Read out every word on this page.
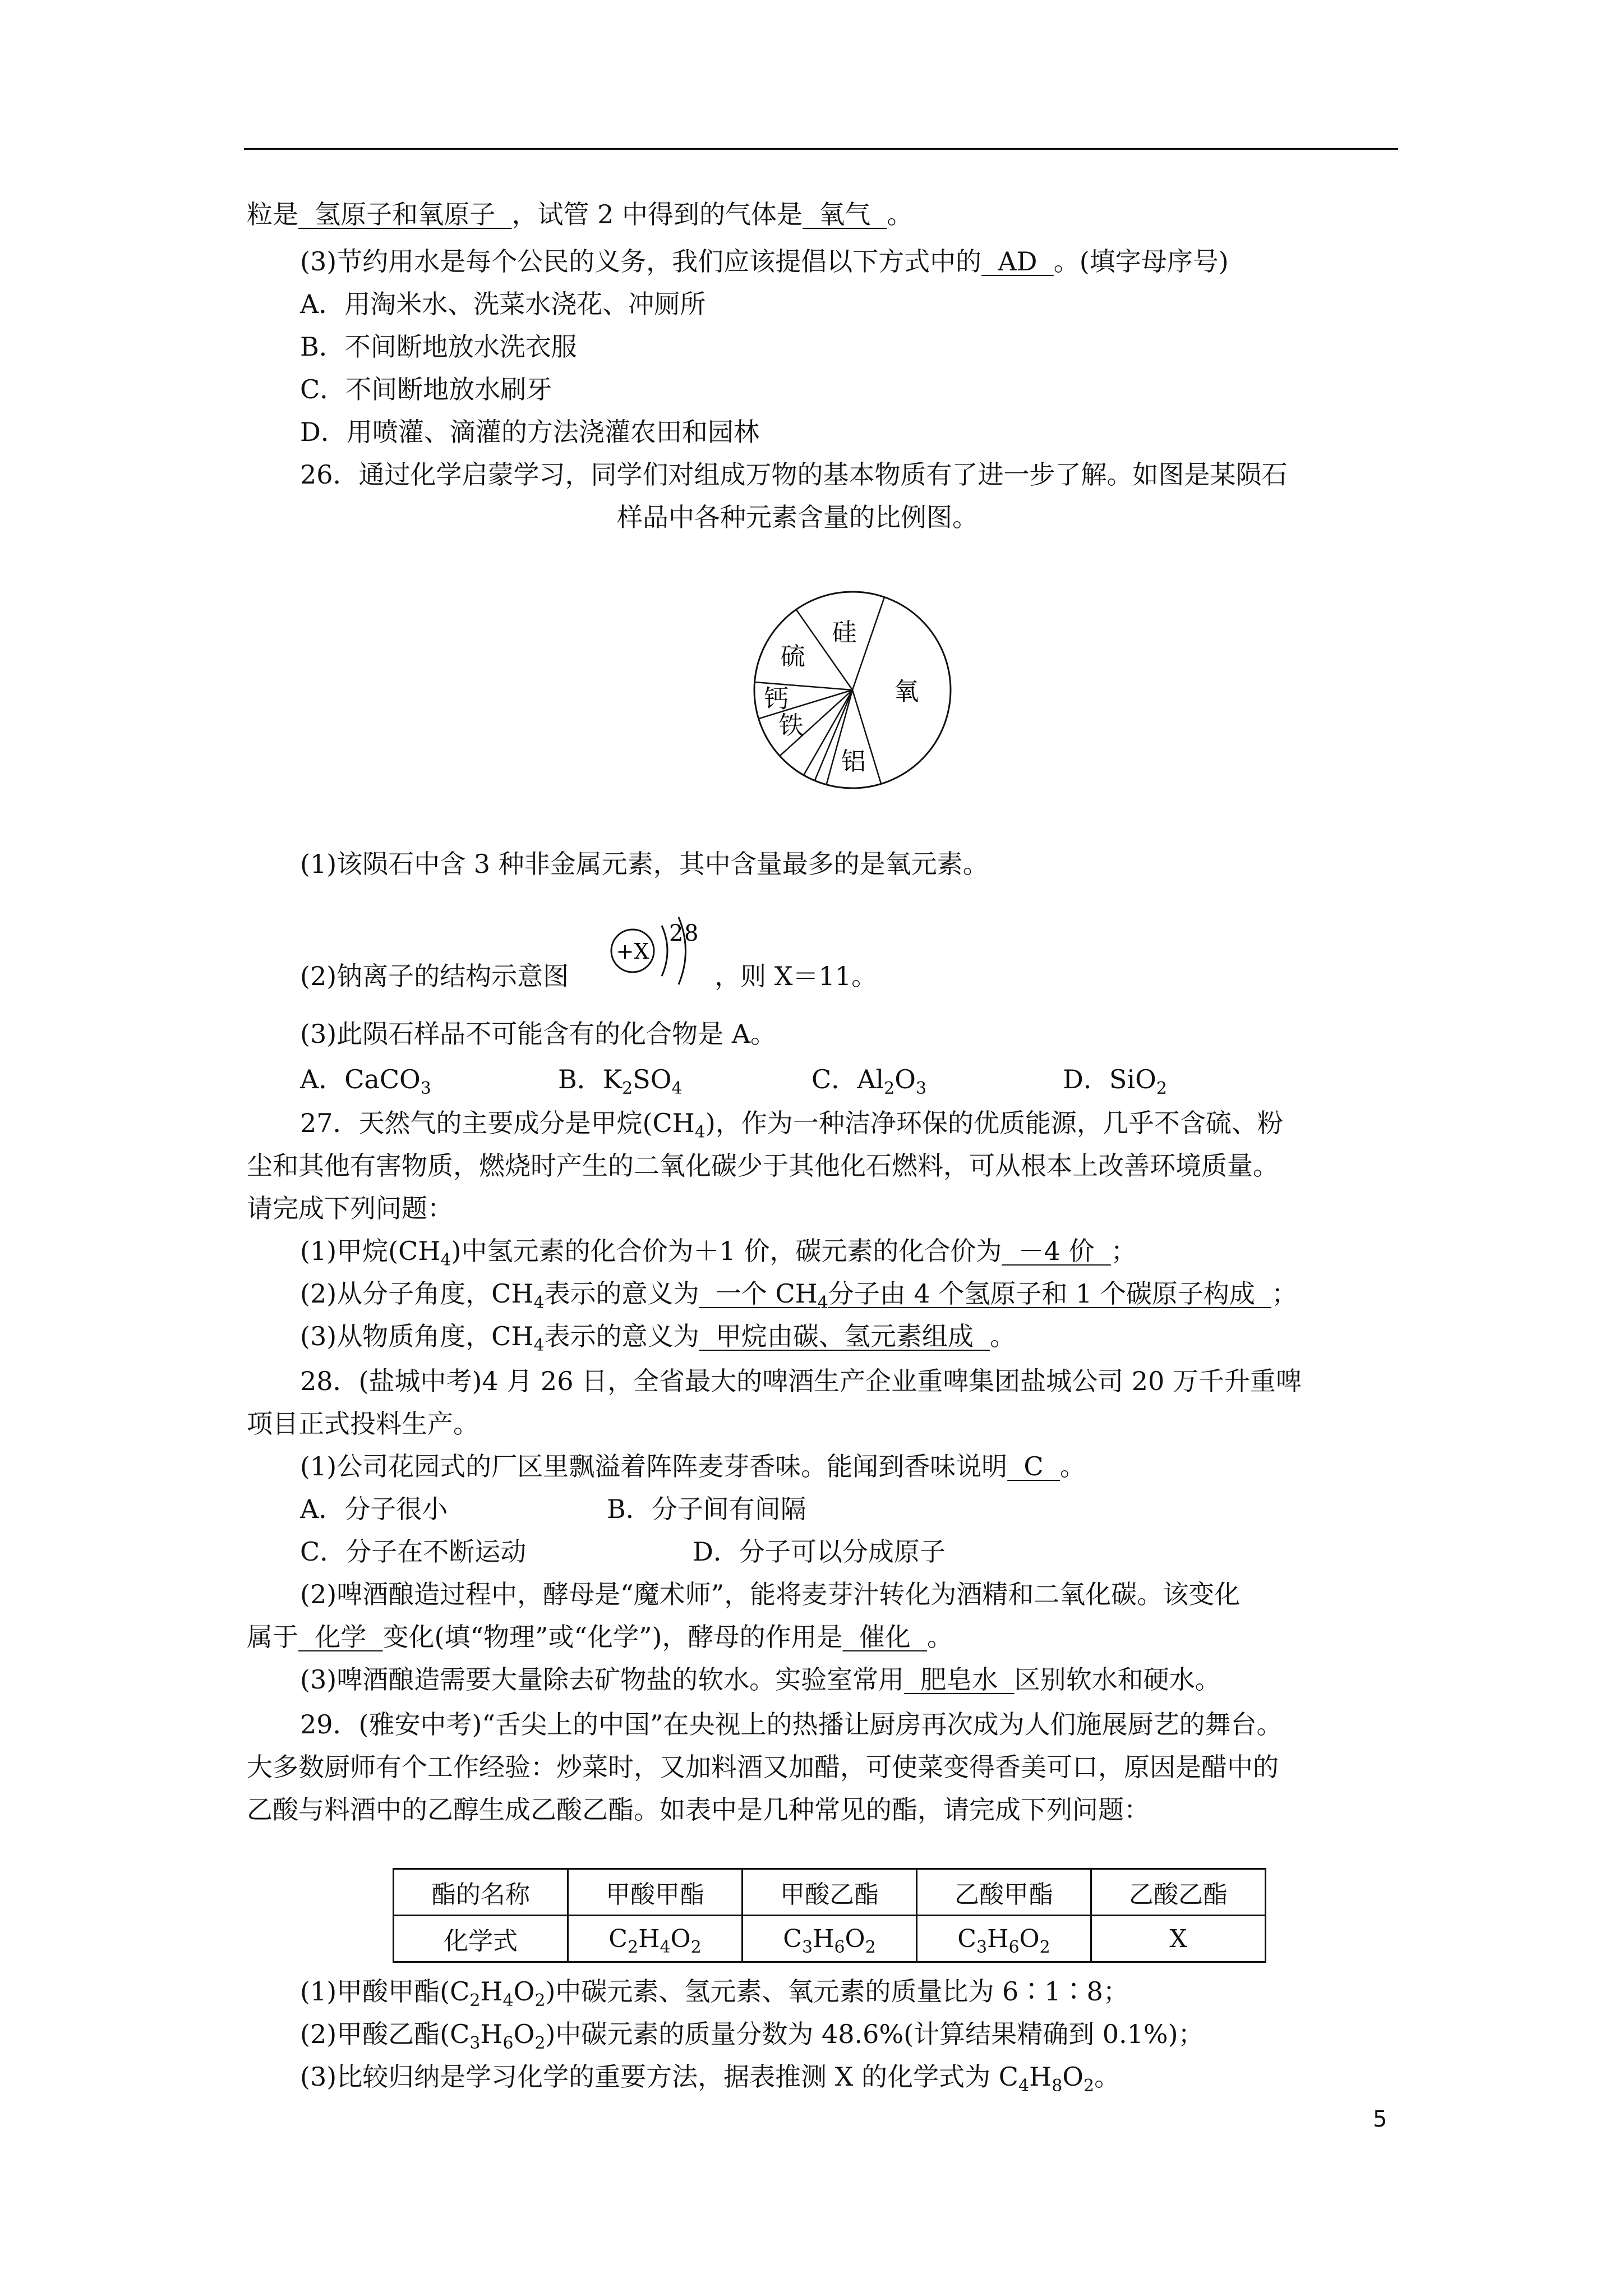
粒是  氢原子和氧原子  ，试管 2 中得到的气体是  氧气  。
(3)节约用水是每个公民的义务，我们应该提倡以下方式中的  AD  。(填字母序号)
A．用淘米水、洗菜水浇花、冲厕所
B．不间断地放水洗衣服
C．不间断地放水刷牙
D．用喷灌、滴灌的方法浇灌农田和园林
26．通过化学启蒙学习，同学们对组成万物的基本物质有了进一步了解。如图是某陨石
样品中各种元素含量的比例图。
硅
氧
铝
铁
钙
硫
(1)该陨石中含 3 种非金属元素，其中含量最多的是氧元素。
(2)钠离子的结构示意图	，则 X＝11。
+X
2 8
(3)此陨石样品不可能含有的化合物是 A。
A．CaCO$_3$	B．$K_2SO_4$	C．$Al_2O_3$	D．SiO$_2$
27．天然气的主要成分是甲烷$(CH_4)$，作为一种洁净环保的优质能源，几乎不含硫、粉
尘和其他有害物质，燃烧时产生的二氧化碳少于其他化石燃料，可从根本上改善环境质量。
请完成下列问题：
(1)甲烷$(CH_4)$中氢元素的化合价为＋1 价，碳元素的化合价为  －4 价  ；
(2)从分子角度，$CH_4$表示的意义为  一个 $CH_4$分子由 4 个氢原子和 1 个碳原子构成  ；
(3)从物质角度，$CH_4$表示的意义为  甲烷由碳、氢元素组成  。
28．(盐城中考)4 月 26 日，全省最大的啤酒生产企业重啤集团盐城公司 20 万千升重啤
项目正式投料生产。
(1)公司花园式的厂区里飘溢着阵阵麦芽香味。能闻到香味说明  C  。
A．分子很小	B．分子间有间隔
C．分子在不断运动	D．分子可以分成原子
(2)啤酒酿造过程中，酵母是“魔术师”，能将麦芽汁转化为酒精和二氧化碳。该变化
属于  化学  变化(填“物理”或“化学”)，酵母的作用是  催化  。
(3)啤酒酿造需要大量除去矿物盐的软水。实验室常用  肥皂水  区别软水和硬水。
29．(雅安中考)“舌尖上的中国”在央视上的热播让厨房再次成为人们施展厨艺的舞台。
大多数厨师有个工作经验：炒菜时，又加料酒又加醋，可使菜变得香美可口，原因是醋中的
乙酸与料酒中的乙醇生成乙酸乙酯。如表中是几种常见的酯，请完成下列问题：
酯的名称	甲酸甲酯	甲酸乙酯	乙酸甲酯	乙酸乙酯
化学式	$C_2H_4O_2$	$C_3H_6O_2$	$C_3H_6O_2$	X
(1)甲酸甲酯$(C_2H_4O_2)$中碳元素、氢元素、氧元素的质量比为 6∶1∶8；
(2)甲酸乙酯$(C_3H_6O_2)$中碳元素的质量分数为 48.6%(计算结果精确到 0.1%)；
(3)比较归纳是学习化学的重要方法，据表推测 X 的化学式为 $C_4H_8O_2$。
5
